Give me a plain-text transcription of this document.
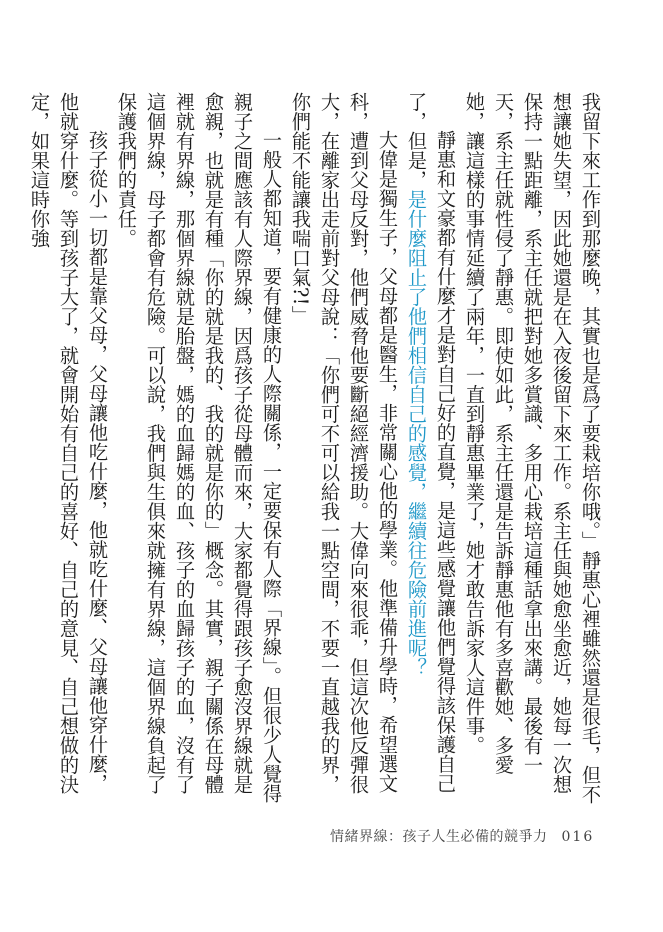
我留下來工作到那麼晚，其實也是爲了要栽培你哦。」靜惠心裡雖然還是很毛，但不想讓她失望，因此她還是在入夜後留下來工作。系主任與她愈坐愈近，她每一次想保持一點距離，系主任就把對她多賞識、多用心栽培這種話拿出來講。最後有一天，系主任就性侵了靜惠。即使如此，系主任還是告訴靜惠他有多喜歡她、多愛她，讓這樣的事情延續了兩年，一直到靜惠畢業了，她才敢告訴家人這件事。

靜惠和文豪都有什麼才是對自己好的直覺，是這些感覺讓他們覺得該保護自己了，但是，是什麼阻止了他們相信自己的感覺，繼續往危險前進呢？

大偉是獨生子，父母都是醫生，非常關心他的學業。他準備升學時，希望選文科，遭到父母反對，他們威脅他要斷絕經濟援助。大偉向來很乖，但這次他反彈很大，在離家出走前對父母說：「你們可不可以給我一點空間，不要一直越我的界，你們能不能讓我喘口氣?!」

一般人都知道，要有健康的人際關係，一定要保有人際「界線」。但很少人覺得親子之間應該有人際界線，因爲孩子從母體而來，大家都覺得跟孩子愈沒界線就是愈親，也就是有種「你的就是我的、我的就是你的」概念。其實，親子關係在母體裡就有界線，那個界線就是胎盤，媽的血歸媽的血、孩子的血歸孩子的血，沒有了這個界線，母子都會有危險。可以說，我們與生俱來就擁有界線，這個界線負起了保護我們的責任。

孩子從小一切都是靠父母，父母讓他吃什麼，他就吃什麼、父母讓他穿什麼，他就穿什麼。等到孩子大了，就會開始有自己的喜好、自己的意見、自己想做的決定，如果這時你強

情緒界線：孩子人生必備的競爭力 016
